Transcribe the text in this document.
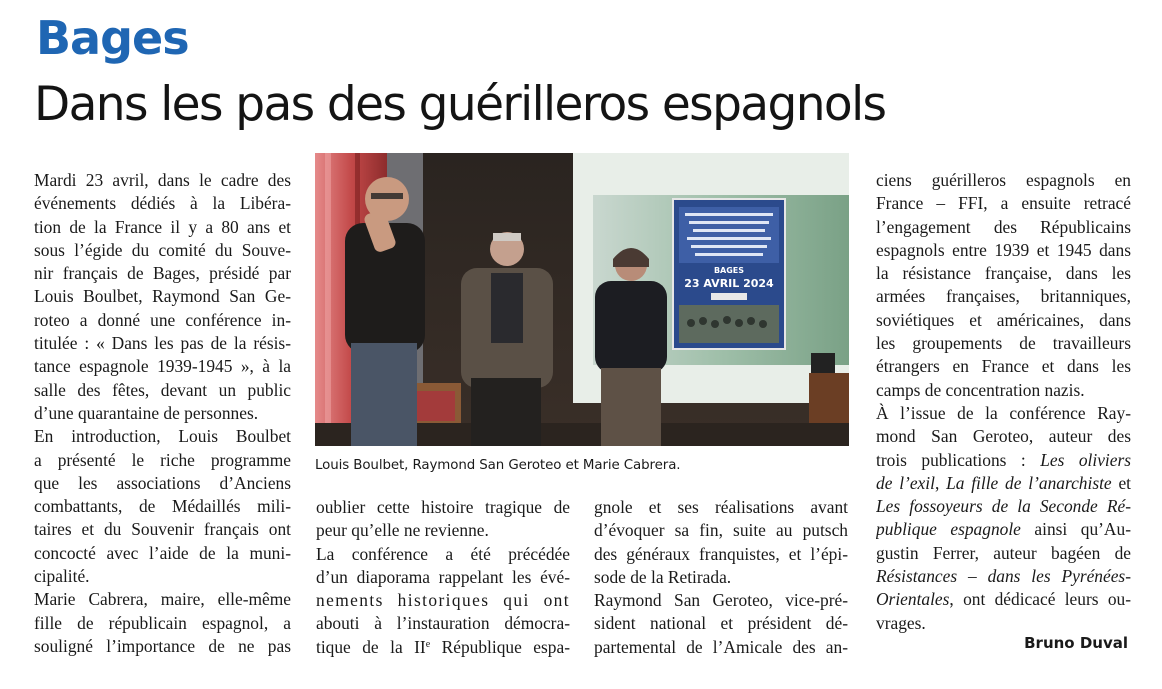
Bages
Dans les pas des guérilleros espagnols
Mardi 23 avril, dans le cadre des
événements dédiés à la Libéra-
tion de la France il y a 80 ans et
sous l’égide du comité du Souve-
nir français de Bages, présidé par
Louis Boulbet, Raymond San Ge-
roteo a donné une conférence in-
titulée : « Dans les pas de la résis-
tance espagnole 1939-1945 », à la
salle des fêtes, devant un public
d’une quarantaine de personnes.
En introduction, Louis Boulbet
a présenté le riche programme
que les associations d’Anciens
combattants, de Médaillés mili-
taires et du Souvenir français ont
concocté avec l’aide de la muni-
cipalité.
Marie Cabrera, maire, elle-même
fille de républicain espagnol, a
souligné l’importance de ne pas
BAGES
23 AVRIL 2024
Louis Boulbet, Raymond San Geroteo et Marie Cabrera.
oublier cette histoire tragique de
peur qu’elle ne revienne.
La conférence a été précédée
d’un diaporama rappelant les évé-
nements historiques qui ont
abouti à l’instauration démocra-
tique de la IIe République espa-
gnole et ses réalisations avant
d’évoquer sa fin, suite au putsch
des généraux franquistes, et l’épi-
sode de la Retirada.
Raymond San Geroteo, vice-pré-
sident national et président dé-
partemental de l’Amicale des an-
ciens guérilleros espagnols en
France – FFI, a ensuite retracé
l’engagement des Républicains
espagnols entre 1939 et 1945 dans
la résistance française, dans les
armées françaises, britanniques,
soviétiques et américaines, dans
les groupements de travailleurs
étrangers en France et dans les
camps de concentration nazis.
À l’issue de la conférence Ray-
mond San Geroteo, auteur des
trois publications : Les oliviers
de l’exil, La fille de l’anarchiste et
Les fossoyeurs de la Seconde Ré-
publique espagnole ainsi qu’Au-
gustin Ferrer, auteur bagéen de
Résistances – dans les Pyrénées-
Orientales, ont dédicacé leurs ou-
vrages.
Bruno Duval
